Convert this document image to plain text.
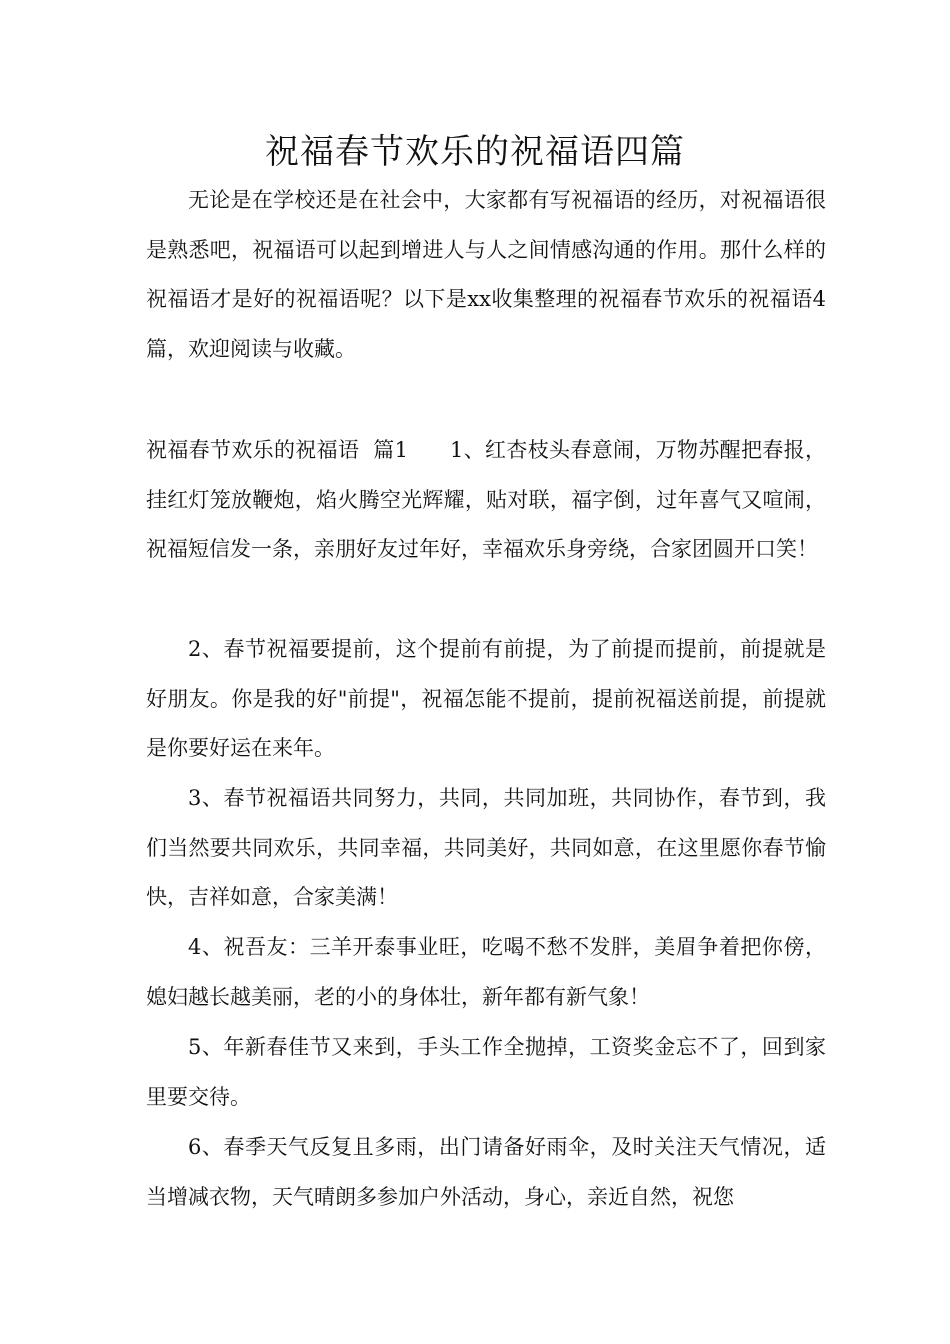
祝福春节欢乐的祝福语四篇

无论是在学校还是在社会中，大家都有写祝福语的经历，对祝福语很是熟悉吧，祝福语可以起到增进人与人之间情感沟通的作用。那什么样的祝福语才是好的祝福语呢？以下是xx收集整理的祝福春节欢乐的祝福语4篇，欢迎阅读与收藏。

祝福春节欢乐的祝福语  篇1      1、红杏枝头春意闹，万物苏醒把春报，挂红灯笼放鞭炮，焰火腾空光辉耀，贴对联，福字倒，过年喜气又喧闹，祝福短信发一条，亲朋好友过年好，幸福欢乐身旁绕，合家团圆开口笑！

2、春节祝福要提前，这个提前有前提，为了前提而提前，前提就是好朋友。你是我的好"前提"，祝福怎能不提前，提前祝福送前提，前提就是你要好运在来年。

3、春节祝福语共同努力，共同，共同加班，共同协作，春节到，我们当然要共同欢乐，共同幸福，共同美好，共同如意，在这里愿你春节愉快，吉祥如意，合家美满！

4、祝吾友：三羊开泰事业旺，吃喝不愁不发胖，美眉争着把你傍，媳妇越长越美丽，老的小的身体壮，新年都有新气象！

5、年新春佳节又来到，手头工作全抛掉，工资奖金忘不了，回到家里要交待。

6、春季天气反复且多雨，出门请备好雨伞，及时关注天气情况，适当增减衣物，天气晴朗多参加户外活动，身心，亲近自然，祝您
